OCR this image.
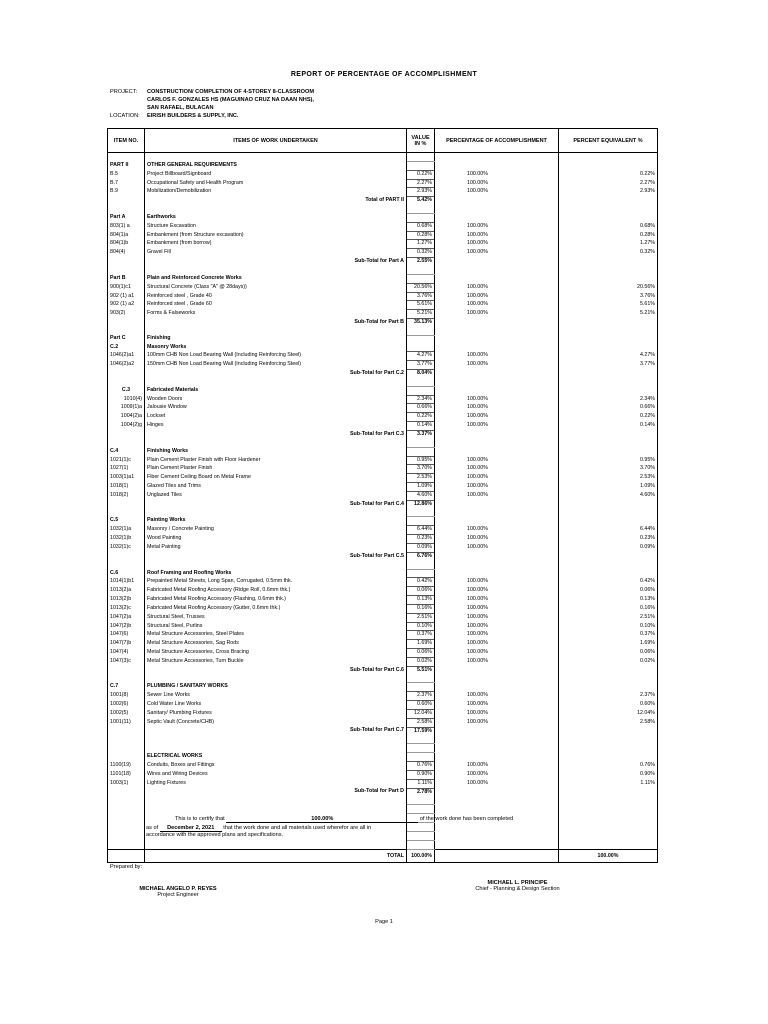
REPORT OF PERCENTAGE OF ACCOMPLISHMENT
PROJECT: CONSTRUCTION/ COMPLETION OF 4-STOREY 8-CLASSROOM
CARLOS F. GONZALES HS (MAGUINAO CRUZ NA DAAN NHS),
SAN RAFAEL, BULACAN
LOCATION: EIRISH BUILDERS & SUPPLY, INC.
ITEM NO.	ITEMS OF WORK UNDERTAKEN	VALUE
IN %	PERCENTAGE OF ACCOMPLISHMENT	PERCENT EQUIVALENT %

PART II	OTHER GENERAL REQUIREMENTS			
B.5	Project Billboard/Signboard	0.22%	100.00%	0.22%
B.7	Occupational Safety and Health Program	2.27%	100.00%	2.27%
B.9	Mobilization/Demobilization	2.93%	100.00%	2.93%
	Total of PART II	5.42%		

Part A	Earthworks			
803(1) a	Structure Excavation	0.68%	100.00%	0.68%
804(1)a	Embankment (from Structure excavation)	0.28%	100.00%	0.28%
804(1)b	Embankment (from borrow)	1.27%	100.00%	1.27%
804(4)	Gravel Fill	0.32%	100.00%	0.32%
	Sub-Total for Part A	2.55%		

Part B	Plain and Reinforced Concrete Works			
900(1)c1	Structural Concrete (Class "A" @ 28days))	20.56%	100.00%	20.56%
902 (1) a1	Reinforced steel , Grade 40	3.76%	100.00%	3.76%
902 (1) a2	Reinforced steel , Grade 60	5.61%	100.00%	5.61%
903(2)	Forms & Falseworks	5.21%	100.00%	5.21%
	Sub-Total for Part B	35.13%		

Part C	Finishing			
C.2	Masonry Works			
1046(2)a1	100mm CHB Non Load Bearing Wall (Including Reinforcing Steel)	4.27%	100.00%	4.27%
1046(2)a2	150mm CHB Non Load Bearing Wall (Including Reinforcing Steel)	3.77%	100.00%	3.77%
	Sub-Total for Part C.2	8.04%		

C.3	Fabricated Materials			
1010(4)	Wooden Doors	2.34%	100.00%	2.34%
1009(1)a	Jalousie Window	0.66%	100.00%	0.66%
1004(2)a	Lockset	0.22%	100.00%	0.22%
1004(2)g	Hinges	0.14%	100.00%	0.14%
	Sub-Total for Part C.3	3.37%		

C.4	Finishing Works			
1021(1)c	Plain Cement Plaster Finish with Floor Hardener	0.95%	100.00%	0.95%
1027(1)	Plain Cement Plaster Finish	3.70%	100.00%	3.70%
1003(1)a1	Fiber Cement Ceiling Board on Metal Frame	2.53%	100.00%	2.53%
1018(1)	Glazed Tiles and Trims	1.09%	100.00%	1.09%
1018(2)	Unglazed Tiles	4.60%	100.00%	4.60%
	Sub-Total for Part C.4	12.86%		

C.5	Painting Works			
1032(1)a	Masonry / Concrete Painting	6.44%	100.00%	6.44%
1032(1)b	Wood Painting	0.23%	100.00%	0.23%
1032(1)c	Metal Painting	0.09%	100.00%	0.09%
	Sub-Total for Part C.5	6.76%		

C.6	Roof Framing and Roofing Works			
1014(1)b1	Prepainted Metal Sheets, Long Span, Corrugated, 0.5mm thk.	0.42%	100.00%	0.42%
1013(2)a	Fabricated Metal Roofing Accessory (Ridge Roll, 0.6mm thk.)	0.06%	100.00%	0.06%
1013(2)b	Fabricated Metal Roofing Accessory (Flashing, 0.6mm thk.)	0.13%	100.00%	0.13%
1013(2)c	Fabricated Metal Roofing Accessory (Gutter, 0.6mm thk.)	0.16%	100.00%	0.16%
1047(2)a	Structural Steel, Trusses	2.51%	100.00%	2.51%
1047(2)b	Structural Steel, Purlins	0.10%	100.00%	0.10%
1047(6)	Metal Structure Accessories, Steel Plates	0.37%	100.00%	0.37%
1047(7)b	Metal Structure Accessories, Sag Rods	1.69%	100.00%	1.69%
1047(4)	Metal Structure Accessories, Cross Bracing	0.06%	100.00%	0.06%
1047(3)c	Metal Structure Accessories, Turn Buckle	0.02%	100.00%	0.02%
	Sub-Total for Part C.6	5.51%		

C.7	PLUMBING / SANITARY WORKS			
1001(8)	Sewer Line Works	2.37%	100.00%	2.37%
1002(6)	Cold Water Line Works	0.60%	100.00%	0.60%
1002(5)	Sanitary/ Plumbing Fixtures	12.04%	100.00%	12.04%
1001(11)	Septic Vault (Concrete/CHB)	2.58%	100.00%	2.58%
	Sub-Total for Part C.7	17.59%		

	ELECTRICAL WORKS			
1100(19)	Conduits, Boxes and Fittings	0.76%	100.00%	0.76%
1101(18)	Wires and Wiring Devices	0.90%	100.00%	0.90%
1003(1)	Lighting Fixtures	1.11%	100.00%	1.11%
	Sub-Total for Part D	2.78%		

	TOTAL	100.00%		100.00%
This is to certify that	100.00%	of the work done has been completed
as of December 2, 2021 that the work done and all materials used wherefor are all in
accordance with the approved plans and specifications.
Prepared by:
MICHAEL ANGELO P. REYES
Project Engineer
MICHAEL L. PRINCIPE
Chief - Planning & Design Section
Page 1
